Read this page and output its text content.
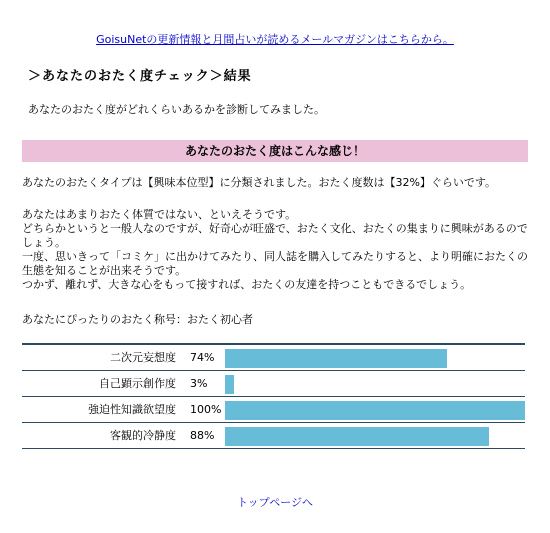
GoisuNetの更新情報と月間占いが読めるメールマガジンはこちらから。
＞あなたのおたく度チェック＞結果
あなたのおたく度がどれくらいあるかを診断してみました。
あなたのおたく度はこんな感じ！
あなたのおたくタイプは【興味本位型】に分類されました。おたく度数は【32%】ぐらいです。
あなたはあまりおたく体質ではない、といえそうです。
どちらかというと一般人なのですが、好奇心が旺盛で、おたく文化、おたくの集まりに興味があるのでしょう。
一度、思いきって「コミケ」に出かけてみたり、同人誌を購入してみたりすると、より明確におたくの生態を知ることが出来そうです。
つかず、離れず、大きな心をもって接すれば、おたくの友達を持つこともできるでしょう。
あなたにぴったりのおたく称号：おたく初心者
二次元妄想度 74%
自己顕示創作度 3%
強迫性知識欲望度 100%
客観的冷静度 88%
トップページへ
